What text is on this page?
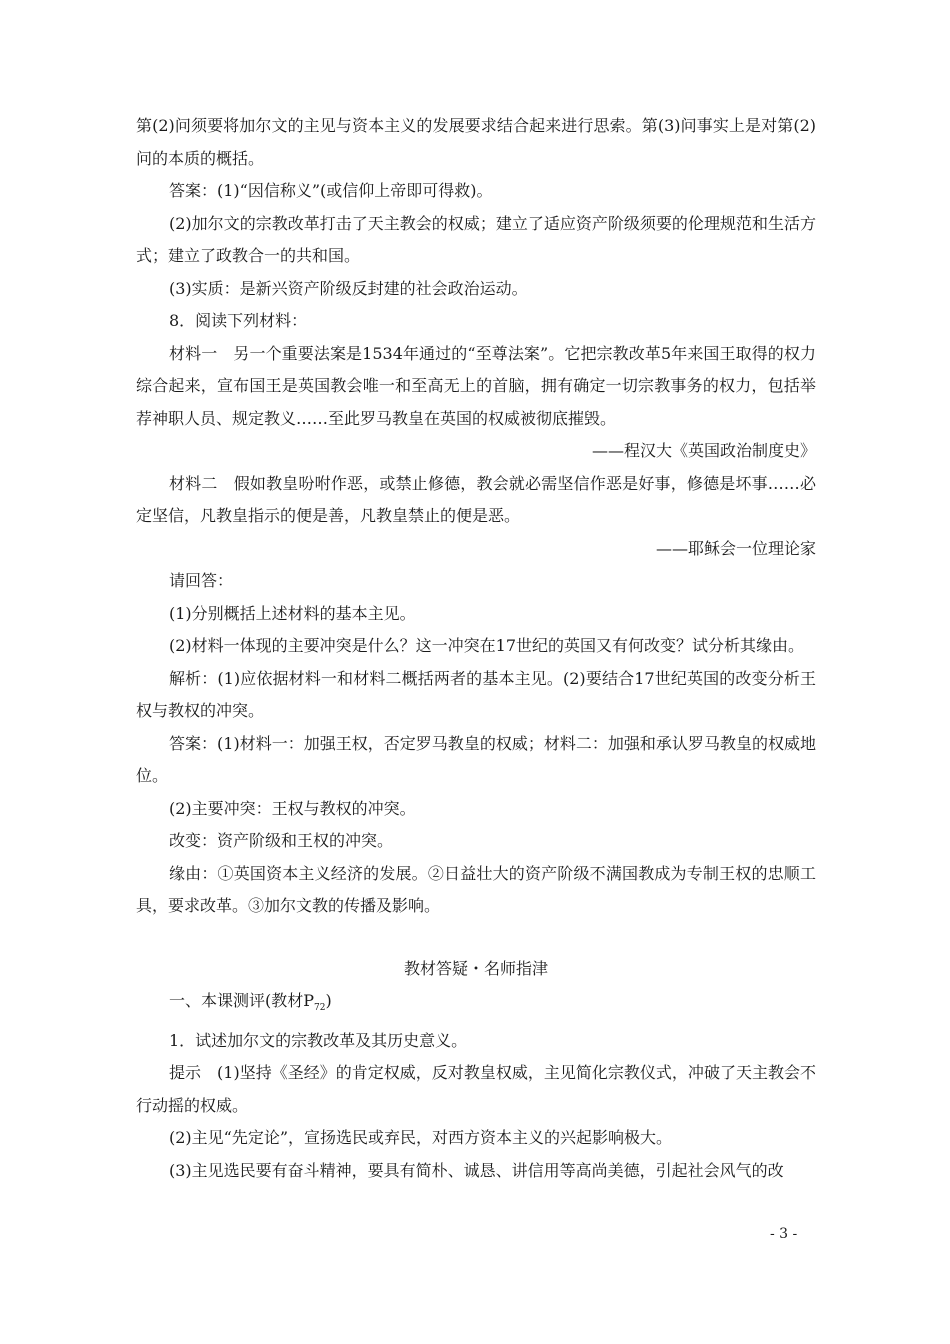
第(2)问须要将加尔文的主见与资本主义的发展要求结合起来进行思索。第(3)问事实上是对第(2)问的本质的概括。

答案：(1)“因信称义”(或信仰上帝即可得救)。

(2)加尔文的宗教改革打击了天主教会的权威；建立了适应资产阶级须要的伦理规范和生活方式；建立了政教合一的共和国。

(3)实质：是新兴资产阶级反封建的社会政治运动。

8．阅读下列材料：

材料一　另一个重要法案是1534年通过的“至尊法案”。它把宗教改革5年来国王取得的权力综合起来，宣布国王是英国教会唯一和至高无上的首脑，拥有确定一切宗教事务的权力，包括举荐神职人员、规定教义……至此罗马教皇在英国的权威被彻底摧毁。

——程汉大《英国政治制度史》

材料二　假如教皇吩咐作恶，或禁止修德，教会就必需坚信作恶是好事，修德是坏事……必定坚信，凡教皇指示的便是善，凡教皇禁止的便是恶。

——耶稣会一位理论家

请回答：

(1)分别概括上述材料的基本主见。

(2)材料一体现的主要冲突是什么？这一冲突在17世纪的英国又有何改变？试分析其缘由。

解析：(1)应依据材料一和材料二概括两者的基本主见。(2)要结合17世纪英国的改变分析王权与教权的冲突。

答案：(1)材料一：加强王权，否定罗马教皇的权威；材料二：加强和承认罗马教皇的权威地位。

(2)主要冲突：王权与教权的冲突。

改变：资产阶级和王权的冲突。

缘由：①英国资本主义经济的发展。②日益壮大的资产阶级不满国教成为专制王权的忠顺工具，要求改革。③加尔文教的传播及影响。

教材答疑・名师指津

一、本课测评(教材$P_{72}$)

1．试述加尔文的宗教改革及其历史意义。

提示　(1)坚持《圣经》的肯定权威，反对教皇权威，主见简化宗教仪式，冲破了天主教会不行动摇的权威。

(2)主见“先定论”，宣扬选民或弃民，对西方资本主义的兴起影响极大。

(3)主见选民要有奋斗精神，要具有简朴、诚恳、讲信用等高尚美德，引起社会风气的改

- 3 -
